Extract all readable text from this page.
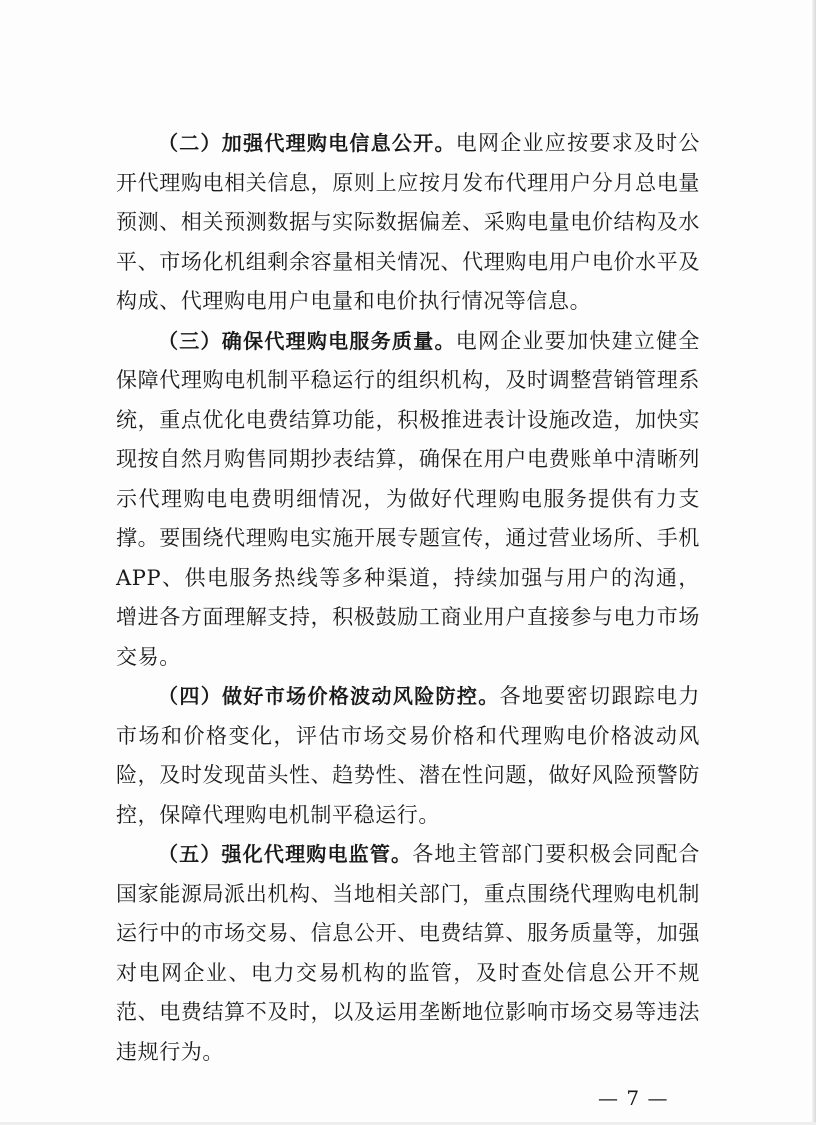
（二）加强代理购电信息公开。电网企业应按要求及时公开代理购电相关信息，原则上应按月发布代理用户分月总电量预测、相关预测数据与实际数据偏差、采购电量电价结构及水平、市场化机组剩余容量相关情况、代理购电用户电价水平及构成、代理购电用户电量和电价执行情况等信息。

（三）确保代理购电服务质量。电网企业要加快建立健全保障代理购电机制平稳运行的组织机构，及时调整营销管理系统，重点优化电费结算功能，积极推进表计设施改造，加快实现按自然月购售同期抄表结算，确保在用户电费账单中清晰列示代理购电电费明细情况，为做好代理购电服务提供有力支撑。要围绕代理购电实施开展专题宣传，通过营业场所、手机APP、供电服务热线等多种渠道，持续加强与用户的沟通，增进各方面理解支持，积极鼓励工商业用户直接参与电力市场交易。

（四）做好市场价格波动风险防控。各地要密切跟踪电力市场和价格变化，评估市场交易价格和代理购电价格波动风险，及时发现苗头性、趋势性、潜在性问题，做好风险预警防控，保障代理购电机制平稳运行。

（五）强化代理购电监管。各地主管部门要积极会同配合国家能源局派出机构、当地相关部门，重点围绕代理购电机制运行中的市场交易、信息公开、电费结算、服务质量等，加强对电网企业、电力交易机构的监管，及时查处信息公开不规范、电费结算不及时，以及运用垄断地位影响市场交易等违法违规行为。

— 7 —
